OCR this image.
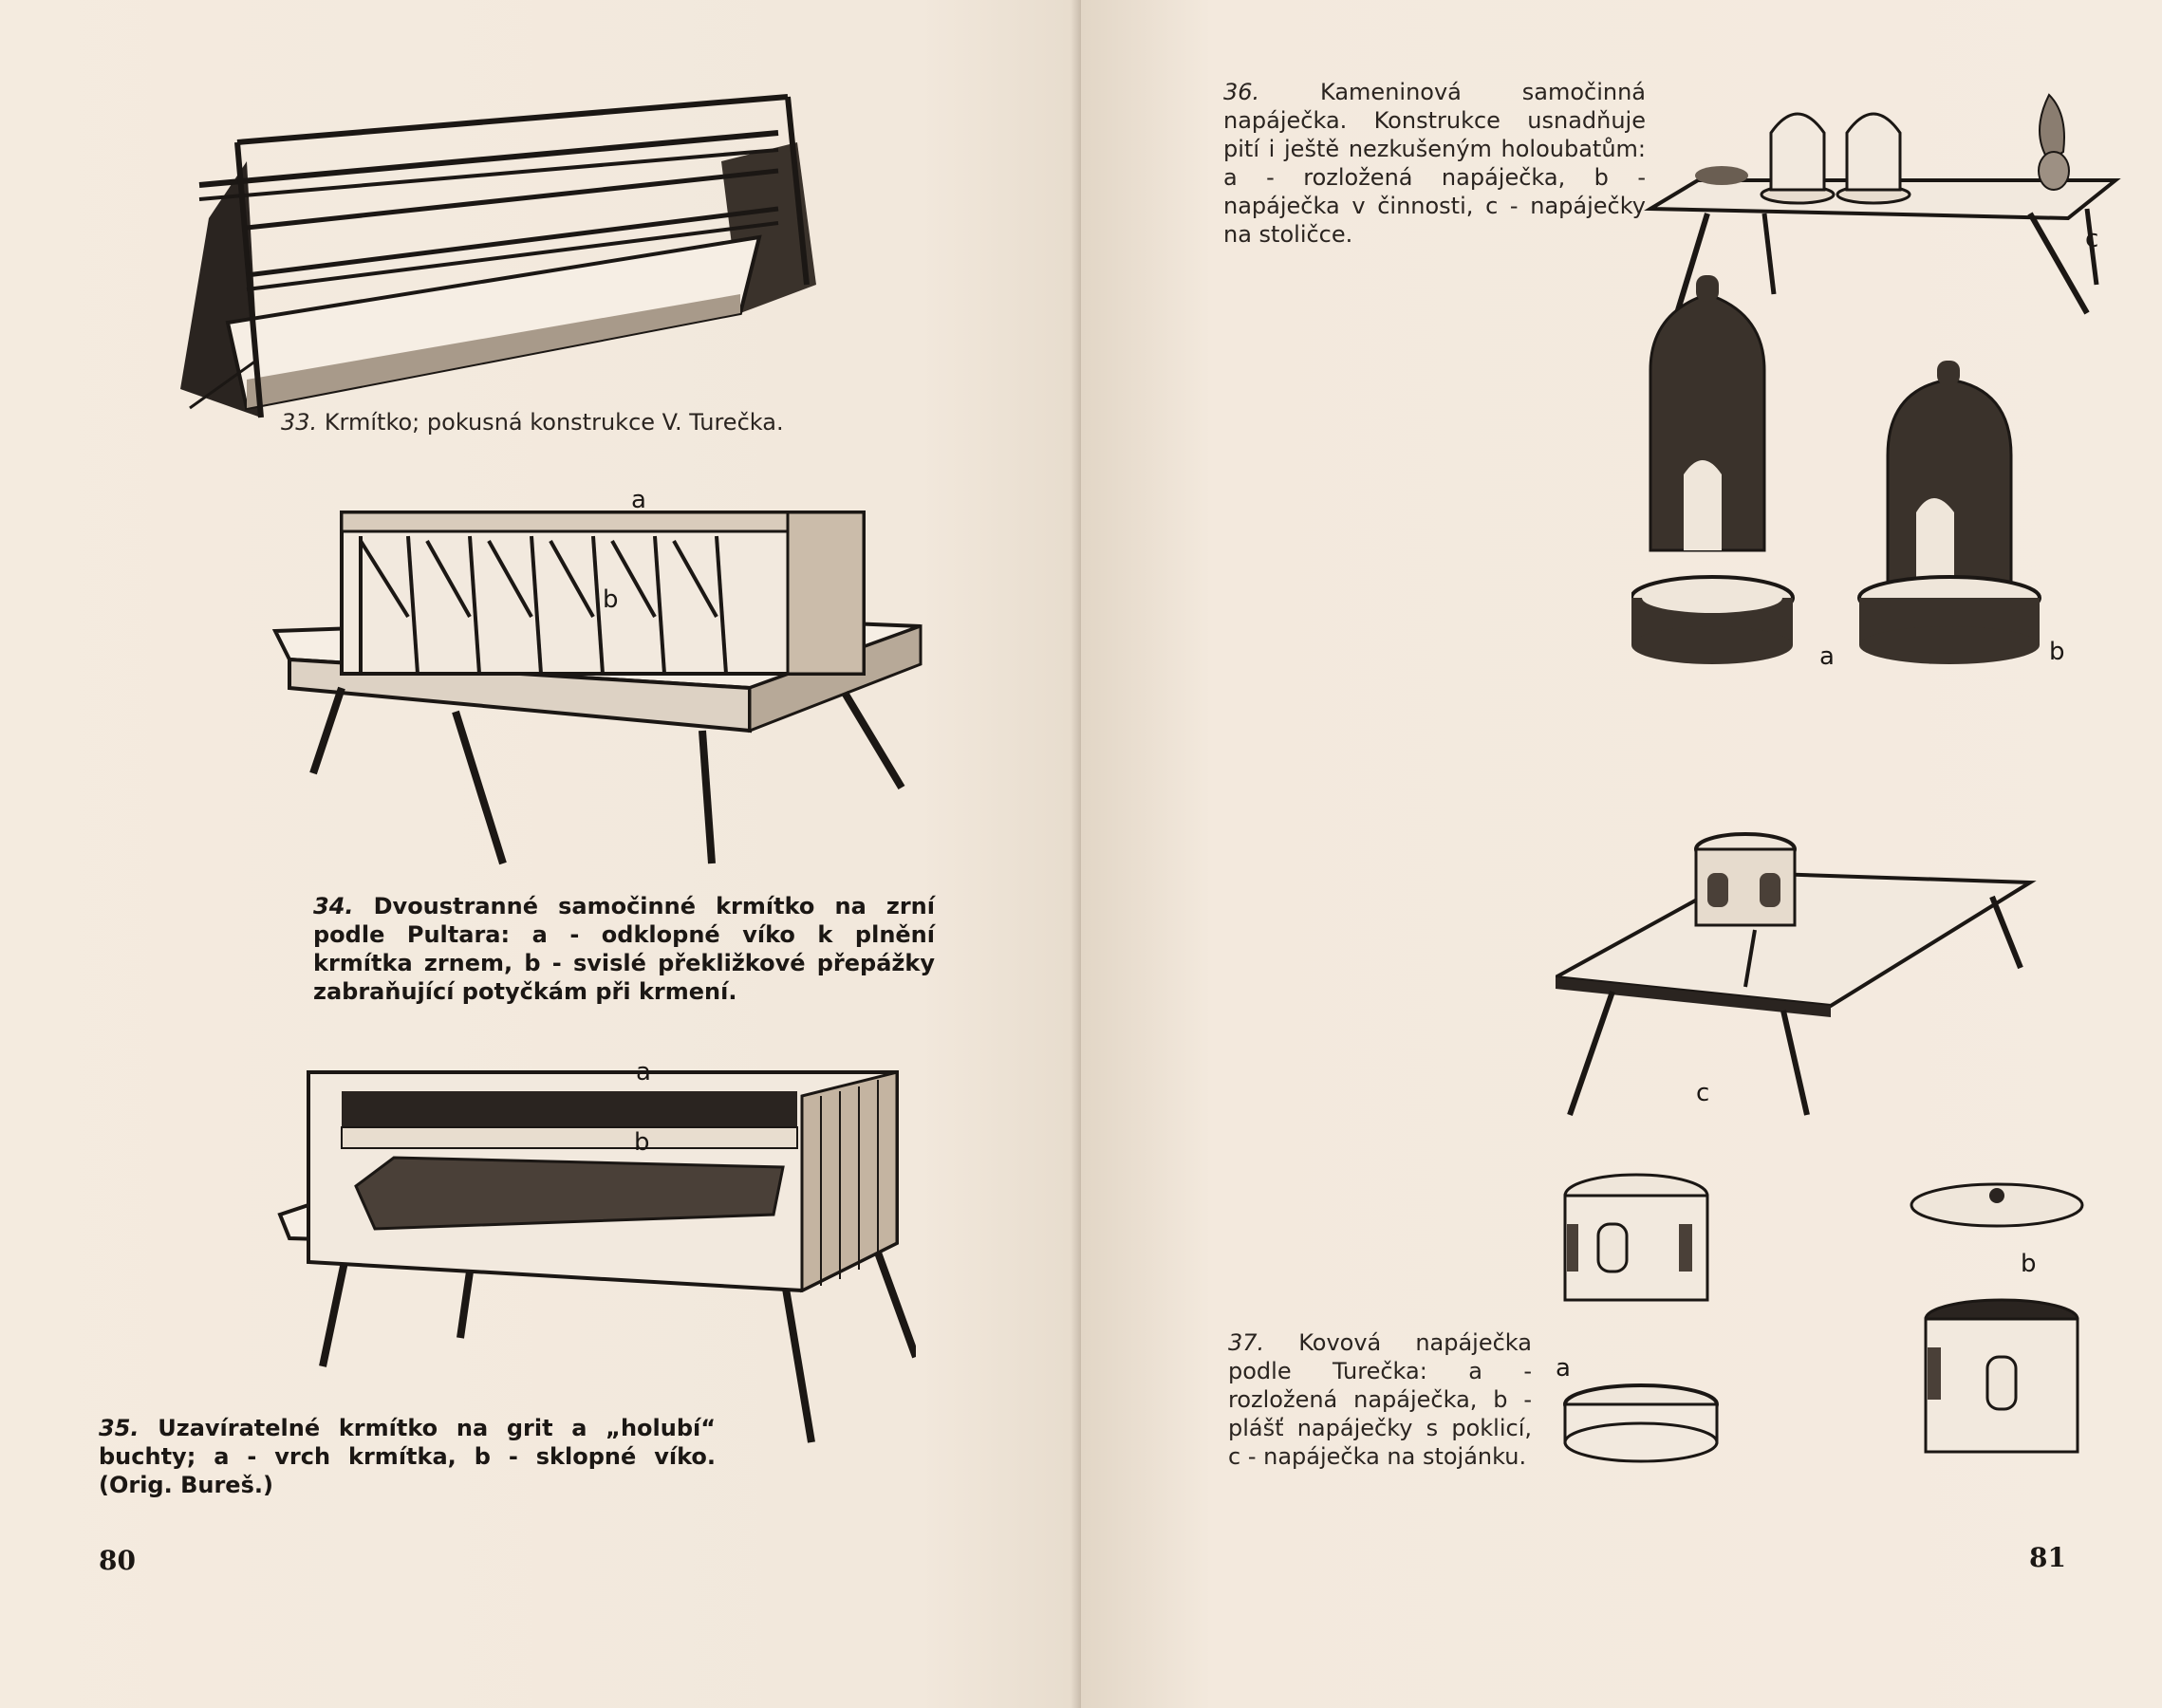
33. Krmítko; pokusná konstrukce V. Turečka.
a
b
34. Dvoustranné samočinné krmítko na zrní podle Pultara: a - odklopné víko k plnění krmítka zrnem, b - svislé překližkové přepážky zabraňující potyčkám při krmení.
a
b
35. Uzavíratelné krmítko na grit a „holubí“ buchty; a - vrch krmítka, b - sklopné víko. (Orig. Bureš.)
80
36.	Kameninová samočinná napáječka. Konstrukce usnadňuje pití i ještě nezkušeným holoubatům: a - rozložená napáječka, b - napáječka v činnosti, c - napáječky na stoličce.	c
a	b
c
a
b
37. Kovová napáječka podle Turečka: a - rozložená napáječka, b - plášť napáječky s poklicí, c - napáječka na stojánku.
81
